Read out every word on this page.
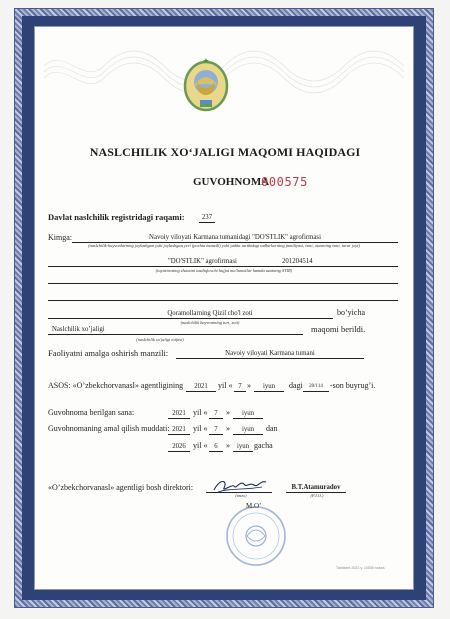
NASLCHILIK XO‘JALIGI MAQOMI HAQIDAGI
GUVOHNOMA
000575
Davlat naslchilik registridagi raqami:	237
Kimga:	Navoiy viloyati Karmana tumanidagi "DO'STLIK" agrofirmasi
(naslchilik-hayvonlarning joylashgan yoki joylashgan yeri (pochta manzili) yoki yakka tartibdagi tadbirkorning familiyasi, ismi, otasining ismi, turar joyi)
"DO'STLIK" agrofirmasi	201204514
(tuyurmoning shaxsini tasdiqlovchi hujjat ma'lumotlar hamda uzaining STIR)
Qoramollarning Qizil cho'l zoti	bo’yicha
(naslchilik hayvonining turi, zoti)
Naslchilik xo’jaligi	maqomi berildi.
(naslchilik xo'jaligi toifasi)
Faoliyatni amalga oshirish manzili:	Navoiy viloyati Karmana tumani
ASOS: «O’zbekchorvanasl» agentligining	2021	yil « 7 »	iyun	dagi	20/114 -son buyrug’i.
Guvohnoma berilgan sana:	2021 yil «	7	»	iyun
Guvohnomaning amal qilish muddati: 2021 yil «	7	»	iyun	dan
2026 yil «	6	»	iyun gacha
«O’zbekchorvanasl» agentligi bosh direktori:
(imzo)
B.T.Atamuradov
(F.I.O.)
M.O’
Toshkent 2021 y. 10000 nusxa
